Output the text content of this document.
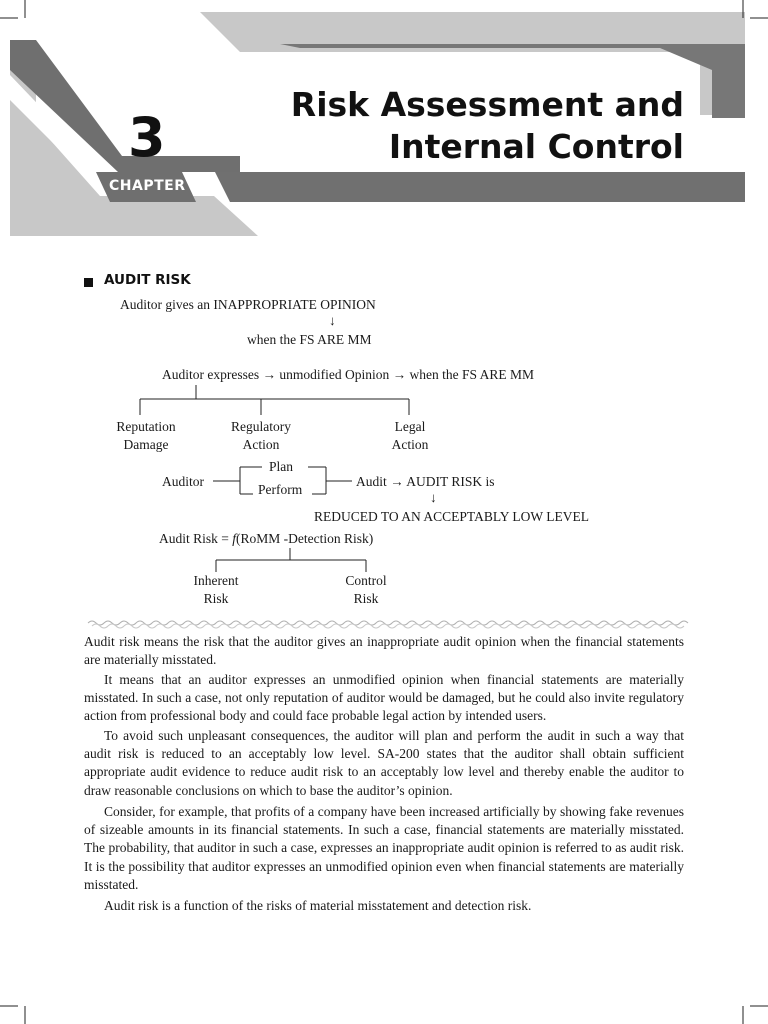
3
CHAPTER
Risk Assessment and
Internal Control
AUDIT RISK
Auditor gives an INAPPROPRIATE OPINION
↓
when the FS ARE MM
Auditor expresses → unmodified Opinion → when the FS ARE MM
Reputation
Damage
Regulatory
Action
Legal
Action
Auditor
Plan
Perform
Audit → AUDIT RISK is
↓
REDUCED TO AN ACCEPTABLY LOW LEVEL
Audit Risk = f(RoMM -Detection Risk)
Inherent
Risk
Control
Risk
Audit risk means the risk that the auditor gives an inappropriate audit opinion when the financial statements are materially misstated.
It means that an auditor expresses an unmodified opinion when financial statements are materially misstated. In such a case, not only reputation of auditor would be damaged, but he could also invite regulatory action from professional body and could face probable legal action by intended users.
To avoid such unpleasant consequences, the auditor will plan and perform the audit in such a way that audit risk is reduced to an acceptably low level. SA-200 states that the auditor shall obtain sufficient appropriate audit evidence to reduce audit risk to an acceptably low level and thereby enable the auditor to draw reasonable conclusions on which to base the auditor’s opinion.
Consider, for example, that profits of a company have been increased artificially by showing fake revenues of sizeable amounts in its financial statements. In such a case, financial statements are materially misstated. The probability, that auditor in such a case, expresses an inappropriate audit opinion is referred to as audit risk. It is the possibility that auditor expresses an unmodified opinion even when financial statements are materially misstated.
Audit risk is a function of the risks of material misstatement and detection risk.
